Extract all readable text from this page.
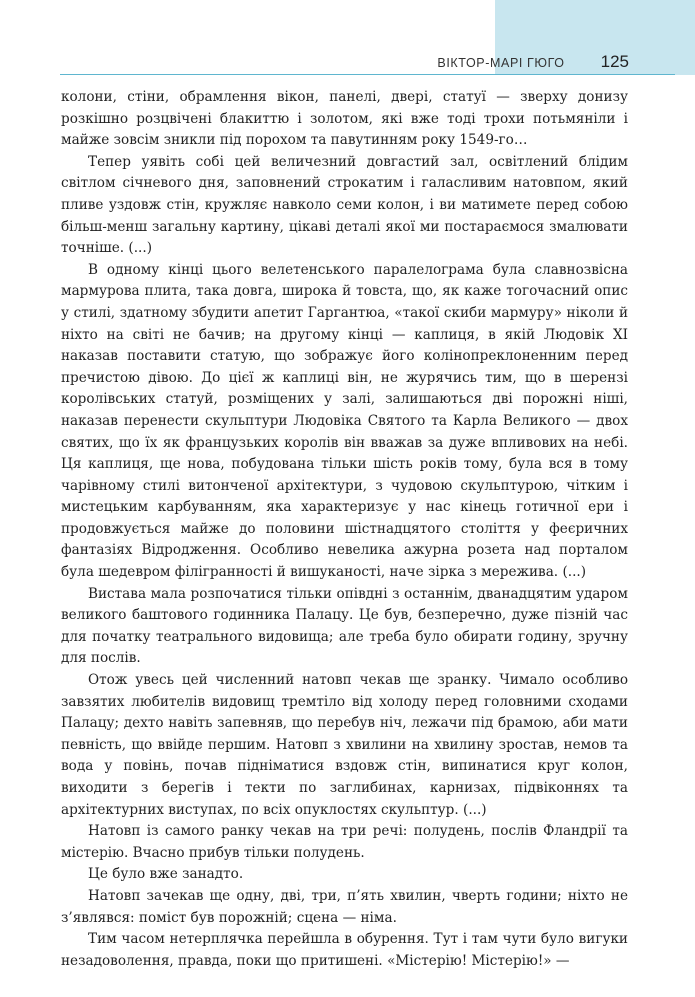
ВІКТОР-МАРІ ГЮГО 125

колони, стіни, обрамлення вікон, панелі, двері, статуї — зверху донизу розкішно розцвічені блакиттю і золотом, які вже тоді трохи потьмяніли і майже зовсім зникли під порохом та павутинням року 1549-го…

Тепер уявіть собі цей величезний довгастий зал, освітлений блідим світлом січневого дня, заповнений строкатим і галасливим натовпом, який пливе уздовж стін, кружляє навколо семи колон, і ви матимете перед собою більш-менш загальну картину, цікаві деталі якої ми постараємося змалювати точніше. (...)

В одному кінці цього велетенського паралелограма була славнозвісна мармурова плита, така довга, широка й товста, що, як каже тогочасний опис у стилі, здатному збудити апетит Гаргантюа, «такої скиби мармуру» ніколи й ніхто на світі не бачив; на другому кінці — каплиця, в якій Людовік XI наказав поставити статую, що зображує його колінопреклоненним перед пречистою дівою. До цієї ж каплиці він, не журячись тим, що в шерензі королівських статуй, розміщених у залі, залишаються дві порожні ніші, наказав перенести скульптури Людовіка Святого та Карла Великого — двох святих, що їх як французьких королів він вважав за дуже впливових на небі. Ця каплиця, ще нова, побудована тільки шість років тому, була вся в тому чарівному стилі витонченої архітектури, з чудовою скульптурою, чітким і мистецьким карбуванням, яка характеризує у нас кінець готичної ери і продовжується майже до половини шістнадцятого століття у феєричних фантазіях Відродження. Особливо невелика ажурна розета над порталом була шедевром філігранності й вишуканості, наче зірка з мережива. (...)

Вистава мала розпочатися тільки опівдні з останнім, дванадцятим ударом великого баштового годинника Палацу. Це був, безперечно, дуже пізній час для початку театрального видовища; але треба було обирати годину, зручну для послів.

Отож увесь цей численний натовп чекав ще зранку. Чимало особливо завзятих любителів видовищ тремтіло від холоду перед головними сходами Палацу; дехто навіть запевняв, що перебув ніч, лежачи під брамою, аби мати певність, що ввійде першим. Натовп з хвилини на хвилину зростав, немов та вода у повінь, почав підніматися вздовж стін, випинатися круг колон, виходити з берегів і текти по заглибинах, карнизах, підвіконнях та архітектурних виступах, по всіх опуклостях скульптур. (...)

Натовп із самого ранку чекав на три речі: полудень, послів Фландрії та містерію. Вчасно прибув тільки полудень.

Це було вже занадто.

Натовп зачекав ще одну, дві, три, п’ять хвилин, чверть години; ніхто не з’являвся: поміст був порожній; сцена — німа.

Тим часом нетерплячка перейшла в обурення. Тут і там чути було вигуки незадоволення, правда, поки що притишені. «Містерію! Містерію!» —
